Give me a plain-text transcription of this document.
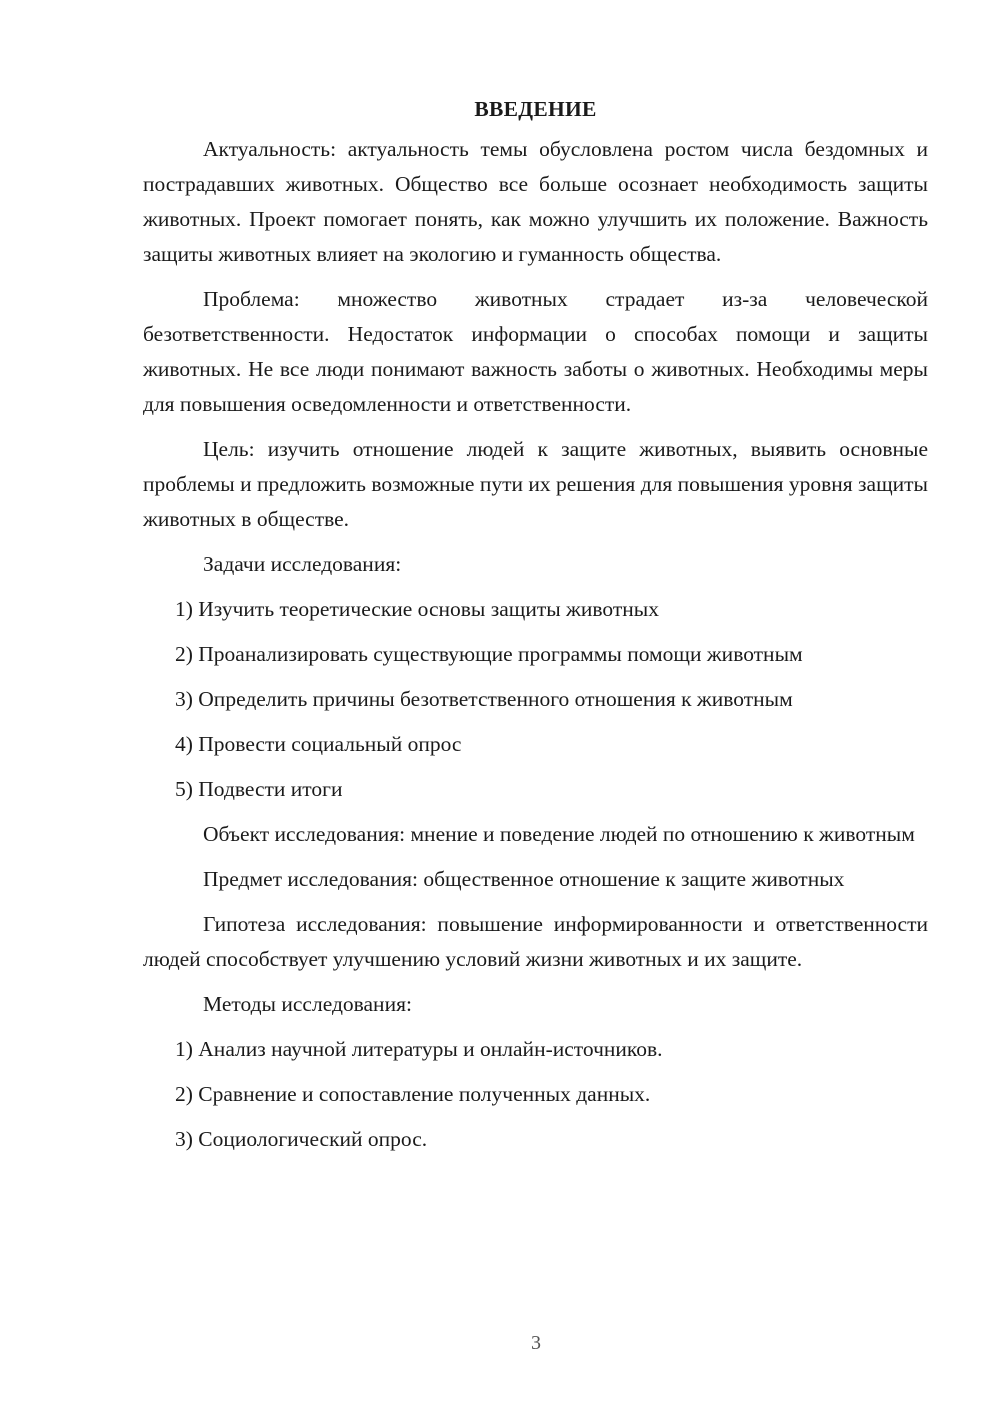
ВВЕДЕНИЕ

Актуальность: актуальность темы обусловлена ростом числа бездомных и пострадавших животных. Общество все больше осознает необходимость защиты животных. Проект помогает понять, как можно улучшить их положение. Важность защиты животных влияет на экологию и гуманность общества.

Проблема: множество животных страдает из-за человеческой безответственности. Недостаток информации о способах помощи и защиты животных. Не все люди понимают важность заботы о животных. Необходимы меры для повышения осведомленности и ответственности.

Цель: изучить отношение людей к защите животных, выявить основные проблемы и предложить возможные пути их решения для повышения уровня защиты животных в обществе.

Задачи исследования:

1) Изучить теоретические основы защиты животных

2) Проанализировать существующие программы помощи животным

3) Определить причины безответственного отношения к животным

4) Провести социальный опрос

5) Подвести итоги

Объект исследования: мнение и поведение людей по отношению к животным

Предмет исследования: общественное отношение к защите животных

Гипотеза исследования: повышение информированности и ответственности людей способствует улучшению условий жизни животных и их защите.

Методы исследования:

1) Анализ научной литературы и онлайн-источников.

2) Сравнение и сопоставление полученных данных.

3) Социологический опрос.

3
